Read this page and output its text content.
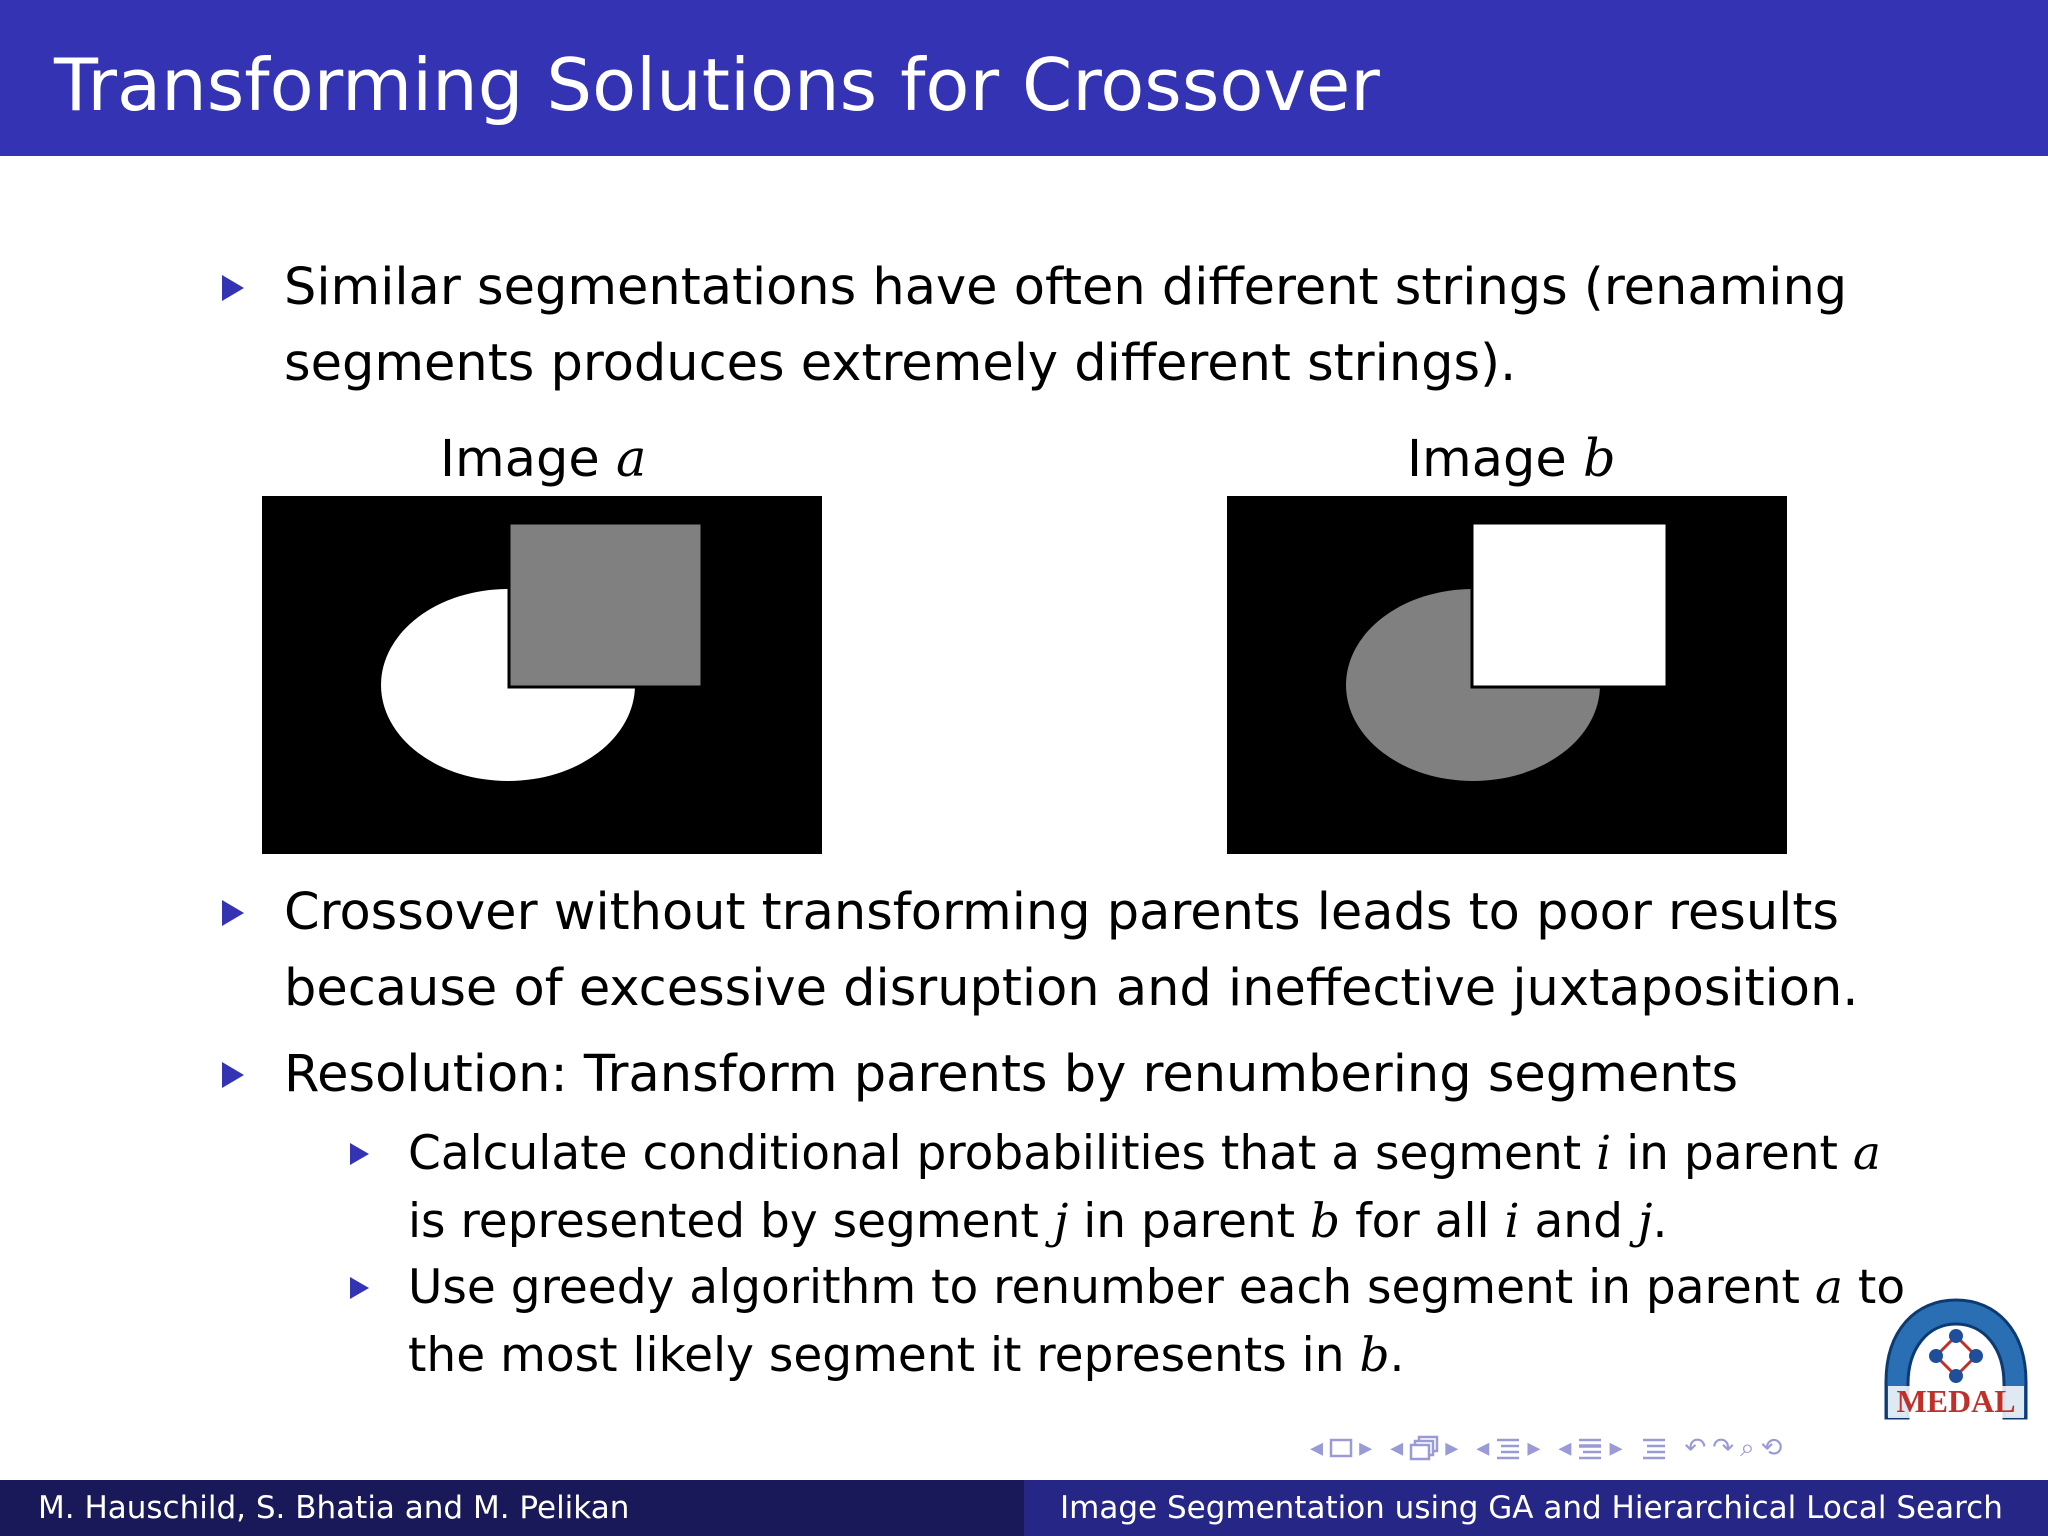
Transforming Solutions for Crossover
Similar segmentations have often different strings (renaming
segments produces extremely different strings).
Image a	Image b
Crossover without transforming parents leads to poor results
because of excessive disruption and ineffective juxtaposition.
Resolution: Transform parents by renumbering segments
Calculate conditional probabilities that a segment i in parent a
is represented by segment j in parent b for all i and j.
Use greedy algorithm to renumber each segment in parent a to
the most likely segment it represents in b.
MEDAL
◂ ▸ ◂ ▸ ◂ ▸ ◂ ▸ ↶ ↷ ⌕ ⟲
M. Hauschild, S. Bhatia and M. Pelikan	Image Segmentation using GA and Hierarchical Local Search
